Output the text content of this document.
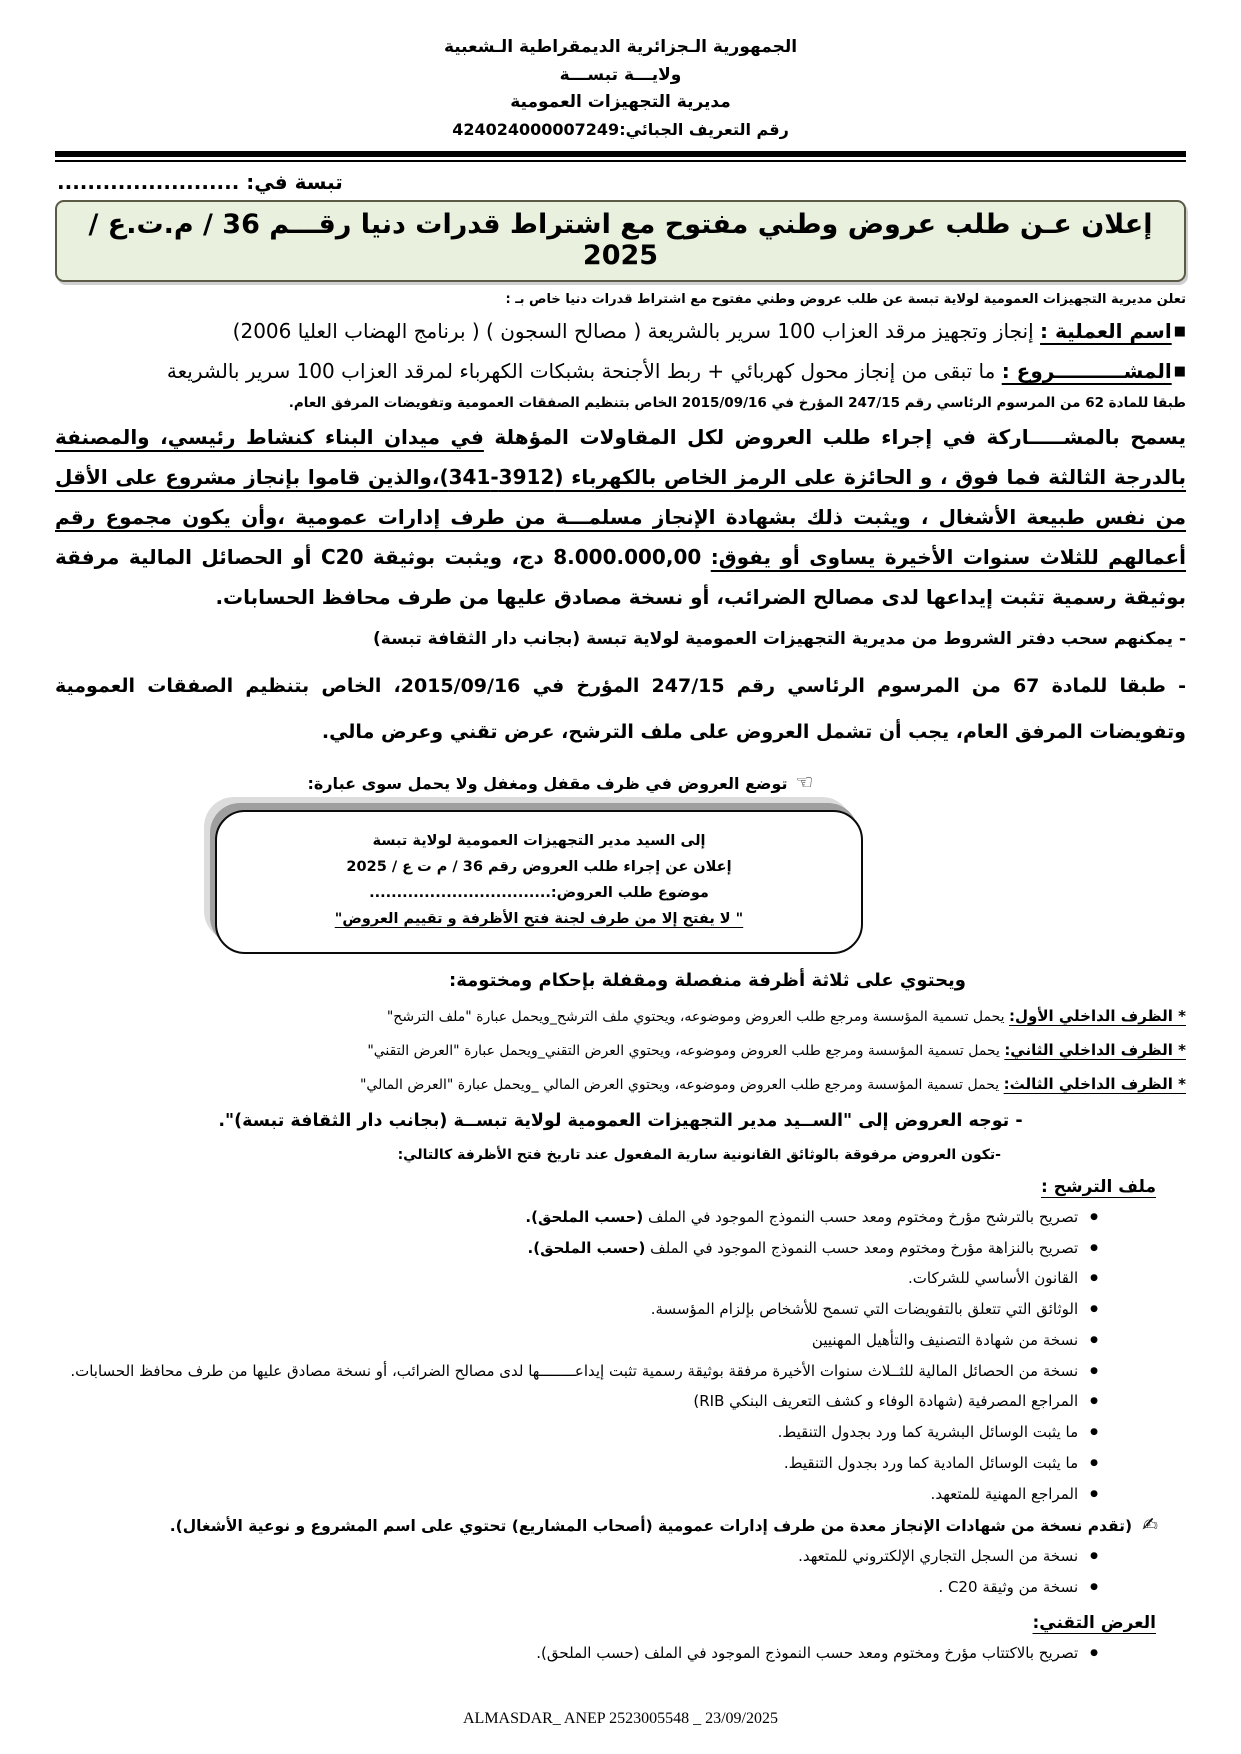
الجمهورية الـجزائرية الديمقراطية الـشعبية
ولايـــة تبســـة
مديرية التجهيزات العمومية
رقم التعريف الجبائي:424024000007249
تبسة في: ........................
إعلان عـن طلب عروض وطني مفتوح مع اشتراط قدرات دنيا رقـــم 36 / م.ت.ع / 2025
تعلن مديرية التجهيزات العمومية لولاية تبسة عن طلب عروض وطني مفتوح مع اشتراط قدرات دنيا خاص بـ :
■اسم العملية : إنجاز وتجهيز مرقد العزاب 100 سرير بالشريعة ( مصالح السجون ) ( برنامج الهضاب العليا 2006)
■المشــــــــــروع : ما تبقى من إنجاز محول كهربائي + ربط الأجنحة بشبكات الكهرباء لمرقد العزاب 100 سرير بالشريعة
طبقا للمادة 62 من المرسوم الرئاسي رقم 247/15 المؤرخ في 2015/09/16 الخاص بتنظيم الصفقات العمومية وتفويضات المرفق العام.
يسمح بالمشـــــاركة في إجراء طلب العروض لكل المقاولات المؤهلة في ميدان البناء كنشاط رئيسي، والمصنفة بالدرجة الثالثة فما فوق ، و الحائزة على الرمز الخاص بالكهرباء (3912-341)،والذين قاموا بإنجاز مشروع على الأقل من نفس طبيعة الأشغال ، ويثبت ذلك بشهادة الإنجاز مسلمـــة من طرف إدارات عمومية ،وأن يكون مجموع رقم أعمالهم للثلاث سنوات الأخيرة يساوى أو يفوق: 8.000.000,00 دج، ويثبت بوثيقة C20 أو الحصائل المالية مرفقة بوثيقة رسمية تثبت إيداعها لدى مصالح الضرائب، أو نسخة مصادق عليها من طرف محافظ الحسابات.
- يمكنهم سحب دفتر الشروط من مديرية التجهيزات العمومية لولاية تبسة (بجانب دار الثقافة تبسة)
- طبقا للمادة 67 من المرسوم الرئاسي رقم 247/15 المؤرخ في 2015/09/16، الخاص بتنظيم الصفقات العمومية وتفويضات المرفق العام، يجب أن تشمل العروض على ملف الترشح، عرض تقني وعرض مالي.
☜توضع العروض في ظرف مقفل ومغفل ولا يحمل سوى عبارة:
إلى السيد مدير التجهيزات العمومية لولاية تبسة
إعلان عن إجراء طلب العروض رقم 36 / م ت ع / 2025
موضوع طلب العروض:.................................
" لا يفتح إلا من طرف لجنة فتح الأظرفة و تقييم العروض"
ويحتوي على ثلاثة أظرفة منفصلة ومقفلة بإحكام ومختومة:
* الظرف الداخلي الأول: يحمل تسمية المؤسسة ومرجع طلب العروض وموضوعه، ويحتوي ملف الترشح_ويحمل عبارة "ملف الترشح"
* الظرف الداخلي الثاني: يحمل تسمية المؤسسة ومرجع طلب العروض وموضوعه، ويحتوي العرض التقني_ويحمل عبارة "العرض التقني"
* الظرف الداخلي الثالث: يحمل تسمية المؤسسة ومرجع طلب العروض وموضوعه، ويحتوي العرض المالي _ويحمل عبارة "العرض المالي"
- توجه العروض إلى "الســيد مدير التجهيزات العمومية لولاية تبســة (بجانب دار الثقافة تبسة)".
-تكون العروض مرفوقة بالوثائق القانونية سارية المفعول عند تاريخ فتح الأظرفة كالتالي:
ملف الترشح :
● تصريح بالترشح مؤرخ ومختوم ومعد حسب النموذج الموجود في الملف (حسب الملحق).
● تصريح بالنزاهة مؤرخ ومختوم ومعد حسب النموذج الموجود في الملف (حسب الملحق).
● القانون الأساسي للشركات.
● الوثائق التي تتعلق بالتفويضات التي تسمح للأشخاص بإلزام المؤسسة.
● نسخة من شهادة التصنيف والتأهيل المهنيين
● نسخة من الحصائل المالية للثــلاث سنوات الأخيرة مرفقة بوثيقة رسمية تثبت إيداعــــــــها لدى مصالح الضرائب، أو نسخة مصادق عليها من طرف محافظ الحسابات.
● المراجع المصرفية (شهادة الوفاء و كشف التعريف البنكي RIB)
● ما يثبت الوسائل البشرية كما ورد بجدول التنقيط.
● ما يثبت الوسائل المادية كما ورد بجدول التنقيط.
● المراجع المهنية للمتعهد.
✍(تقدم نسخة من شهادات الإنجاز معدة من طرف إدارات عمومية (أصحاب المشاريع) تحتوي على اسم المشروع و نوعية الأشغال).
● نسخة من السجل التجاري الإلكتروني للمتعهد.
● نسخة من وثيقة C20 .
العرض التقني:
● تصريح بالاكتتاب مؤرخ ومختوم ومعد حسب النموذج الموجود في الملف (حسب الملحق).
ALMASDAR_ ANEP 2523005548 _ 23/09/2025
